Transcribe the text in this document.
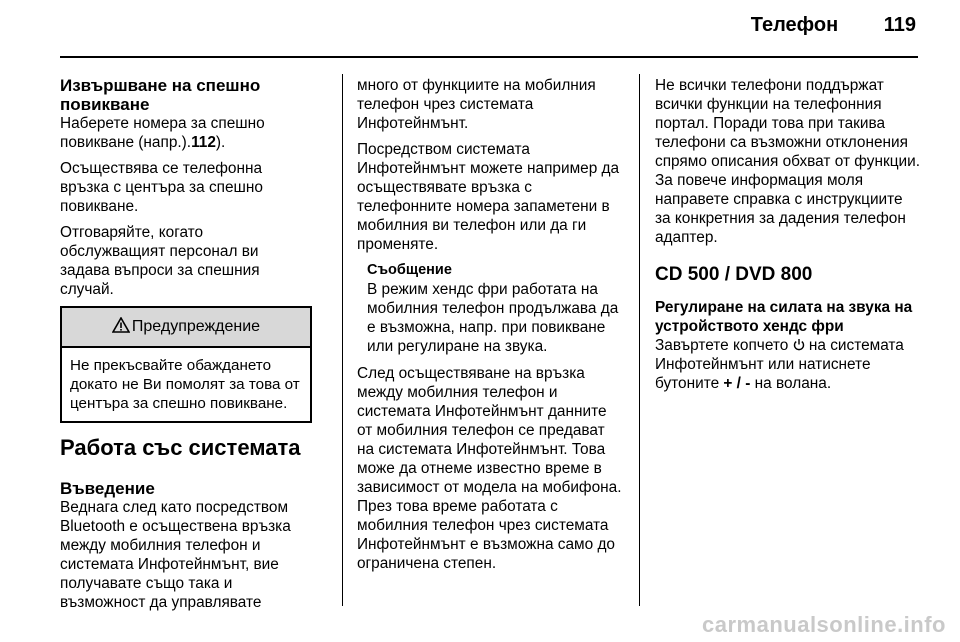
Телефон 119
Извършване на спешно повикване

Наберете номера за спешно повикване (напр.).112).

Осъществява се телефонна връзка с центъра за спешно повикване.

Отговаряйте, когато обслужващият персонал ви задава въпроси за спешния случай.

Предупреждение
Не прекъсвайте обаждането докато не Ви помолят за това от центъра за спешно повикване.
Работа със системата
Въведение

Веднага след като посредством Bluetooth е осъществена връзка между мобилния телефон и системата Инфотейнмънт, вие получавате също така и възможност да управлявате

много от функциите на мобилния телефон чрез системата Инфотейнмънт.

Посредством системата Инфотейнмънт можете например да осъществявате връзка с телефонните номера запаметени в мобилния ви телефон или да ги променяте.

Съобщение
В режим хендс фри работата на мобилния телефон продължава да е възможна, напр. при повикване или регулиране на звука.

След осъществяване на връзка между мобилния телефон и системата Инфотейнмънт данните от мобилния телефон се предават на системата Инфотейнмънт. Това може да отнеме известно време в зависимост от модела на мобифона. През това време работата с мобилния телефон чрез системата Инфотейнмънт е възможна само до ограничена степен.

Не всички телефони поддържат всички функции на телефонния портал. Поради това при такива телефони са възможни отклонения спрямо описания обхват от функции. За повече информация моля направете справка с инструкциите за конкретния за дадения телефон адаптер.

CD 500 / DVD 800
Регулиране на силата на звука на устройството хендс фри

Завъртете копчето на системата Инфотейнмънт или натиснете бутоните + / - на волана.

carmanualsonline.info
